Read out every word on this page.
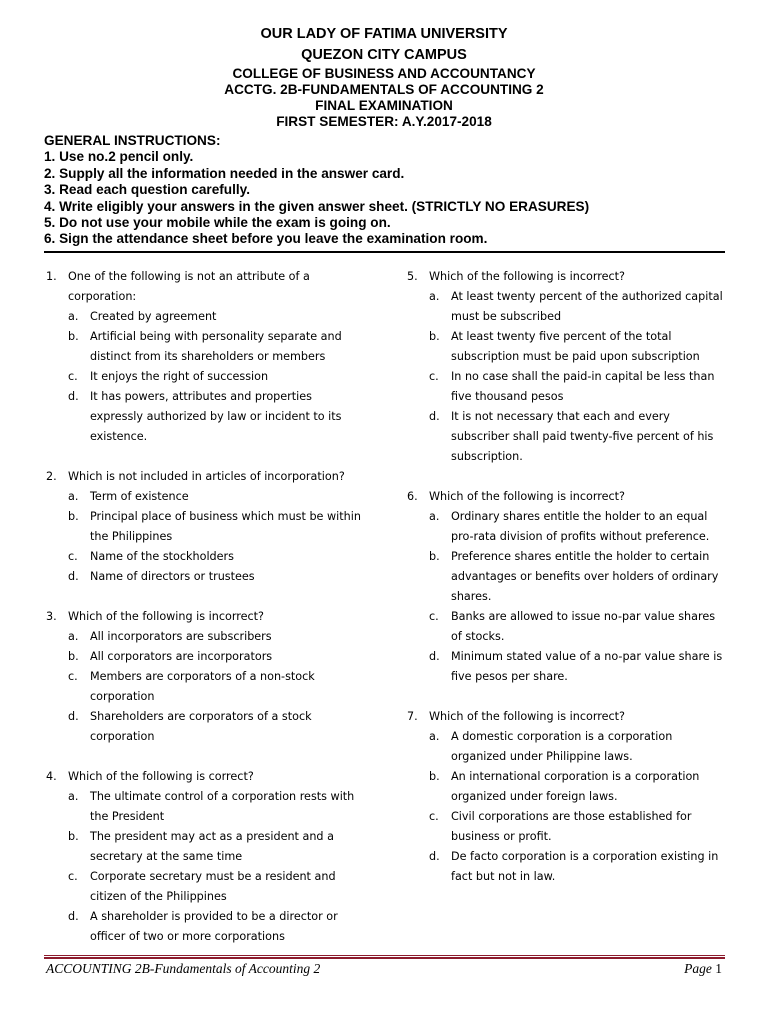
OUR LADY OF FATIMA UNIVERSITY
QUEZON CITY CAMPUS
COLLEGE OF BUSINESS AND ACCOUNTANCY
ACCTG. 2B-FUNDAMENTALS OF ACCOUNTING 2
FINAL EXAMINATION
FIRST SEMESTER: A.Y.2017-2018
GENERAL INSTRUCTIONS:
1. Use no.2 pencil only.
2. Supply all the information needed in the answer card.
3. Read each question carefully.
4. Write eligibly your answers in the given answer sheet. (STRICTLY NO ERASURES)
5. Do not use your mobile while the exam is going on.
6. Sign the attendance sheet before you leave the examination room.
1. One of the following is not an attribute of a corporation:
a. Created by agreement
b. Artificial being with personality separate and distinct from its shareholders or members
c. It enjoys the right of succession
d. It has powers, attributes and properties expressly authorized by law or incident to its existence.
2. Which is not included in articles of incorporation?
a. Term of existence
b. Principal place of business which must be within the Philippines
c. Name of the stockholders
d. Name of directors or trustees
3. Which of the following is incorrect?
a. All incorporators are subscribers
b. All corporators are incorporators
c. Members are corporators of a non-stock corporation
d. Shareholders are corporators of a stock corporation
4. Which of the following is correct?
a. The ultimate control of a corporation rests with the President
b. The president may act as a president and a secretary at the same time
c. Corporate secretary must be a resident and citizen of the Philippines
d. A shareholder is provided to be a director or officer of two or more corporations
5. Which of the following is incorrect?
a. At least twenty percent of the authorized capital must be subscribed
b. At least twenty five percent of the total subscription must be paid upon subscription
c. In no case shall the paid-in capital be less than five thousand pesos
d. It is not necessary that each and every subscriber shall paid twenty-five percent of his subscription.
6. Which of the following is incorrect?
a. Ordinary shares entitle the holder to an equal pro-rata division of profits without preference.
b. Preference shares entitle the holder to certain advantages or benefits over holders of ordinary shares.
c. Banks are allowed to issue no-par value shares of stocks.
d. Minimum stated value of a no-par value share is five pesos per share.
7. Which of the following is incorrect?
a. A domestic corporation is a corporation organized under Philippine laws.
b. An international corporation is a corporation organized under foreign laws.
c. Civil corporations are those established for business or profit.
d. De facto corporation is a corporation existing in fact but not in law.
ACCOUNTING 2B-Fundamentals of Accounting 2	Page 1
